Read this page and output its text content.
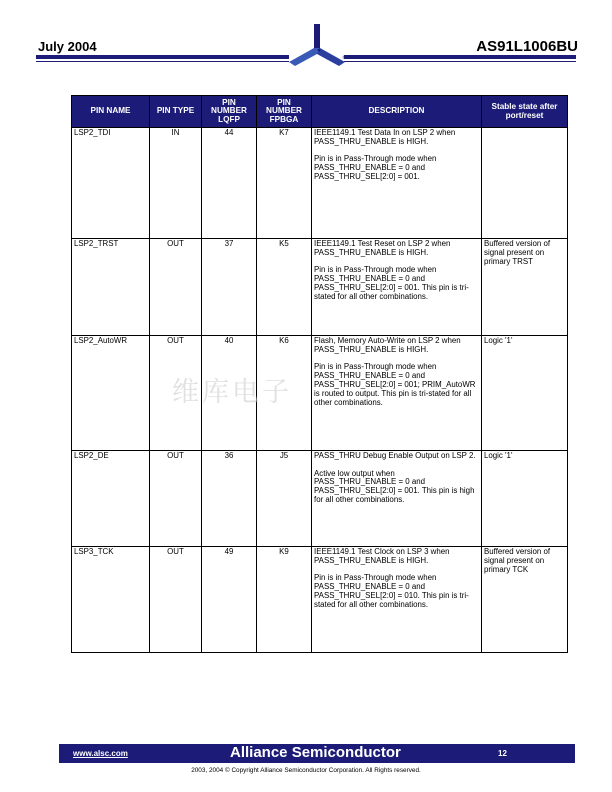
July 2004	AS91L1006BU
®
PIN NAME	PIN TYPE	PIN NUMBER LQFP	PIN NUMBER FPBGA	DESCRIPTION	Stable state after port/reset
LSP2_TDI	IN	44	K7	IEEE1149.1 Test Data In on LSP 2 when PASS_THRU_ENABLE is HIGH.

Pin is in Pass-Through mode when PASS_THRU_ENABLE = 0 and PASS_THRU_SEL[2:0] = 001.	

LSP2_TRST	OUT	37	K5	IEEE1149.1 Test Reset on LSP 2 when PASS_THRU_ENABLE is HIGH.

Pin is in Pass-Through mode when PASS_THRU_ENABLE = 0 and PASS_THRU_SEL[2:0] = 001. This pin is tri-stated for all other combinations.	Buffered version of signal present on primary TRST
LSP2_AutoWR	OUT	40	K6	Flash, Memory Auto-Write on LSP 2 when PASS_THRU_ENABLE is HIGH.

Pin is in Pass-Through mode when PASS_THRU_ENABLE = 0 and PASS_THRU_SEL[2:0] = 001; PRIM_AutoWR is routed to output. This pin is tri-stated for all other combinations.	Logic '1'
LSP2_DE	OUT	36	J5	PASS_THRU Debug Enable Output on LSP 2.

Active low output when PASS_THRU_ENABLE = 0 and PASS_THRU_SEL[2:0] = 001. This pin is high for all other combinations.	Logic '1'
LSP3_TCK	OUT	49	K9	IEEE1149.1 Test Clock on LSP 3 when PASS_THRU_ENABLE is HIGH.

Pin is in Pass-Through mode when PASS_THRU_ENABLE = 0 and PASS_THRU_SEL[2:0] = 010. This pin is tri-stated for all other combinations.	Buffered version of signal present on primary TCK
维库电子
www.alsc.com	Alliance Semiconductor	12
2003, 2004 © Copyright Alliance Semiconductor Corporation. All Rights reserved.
